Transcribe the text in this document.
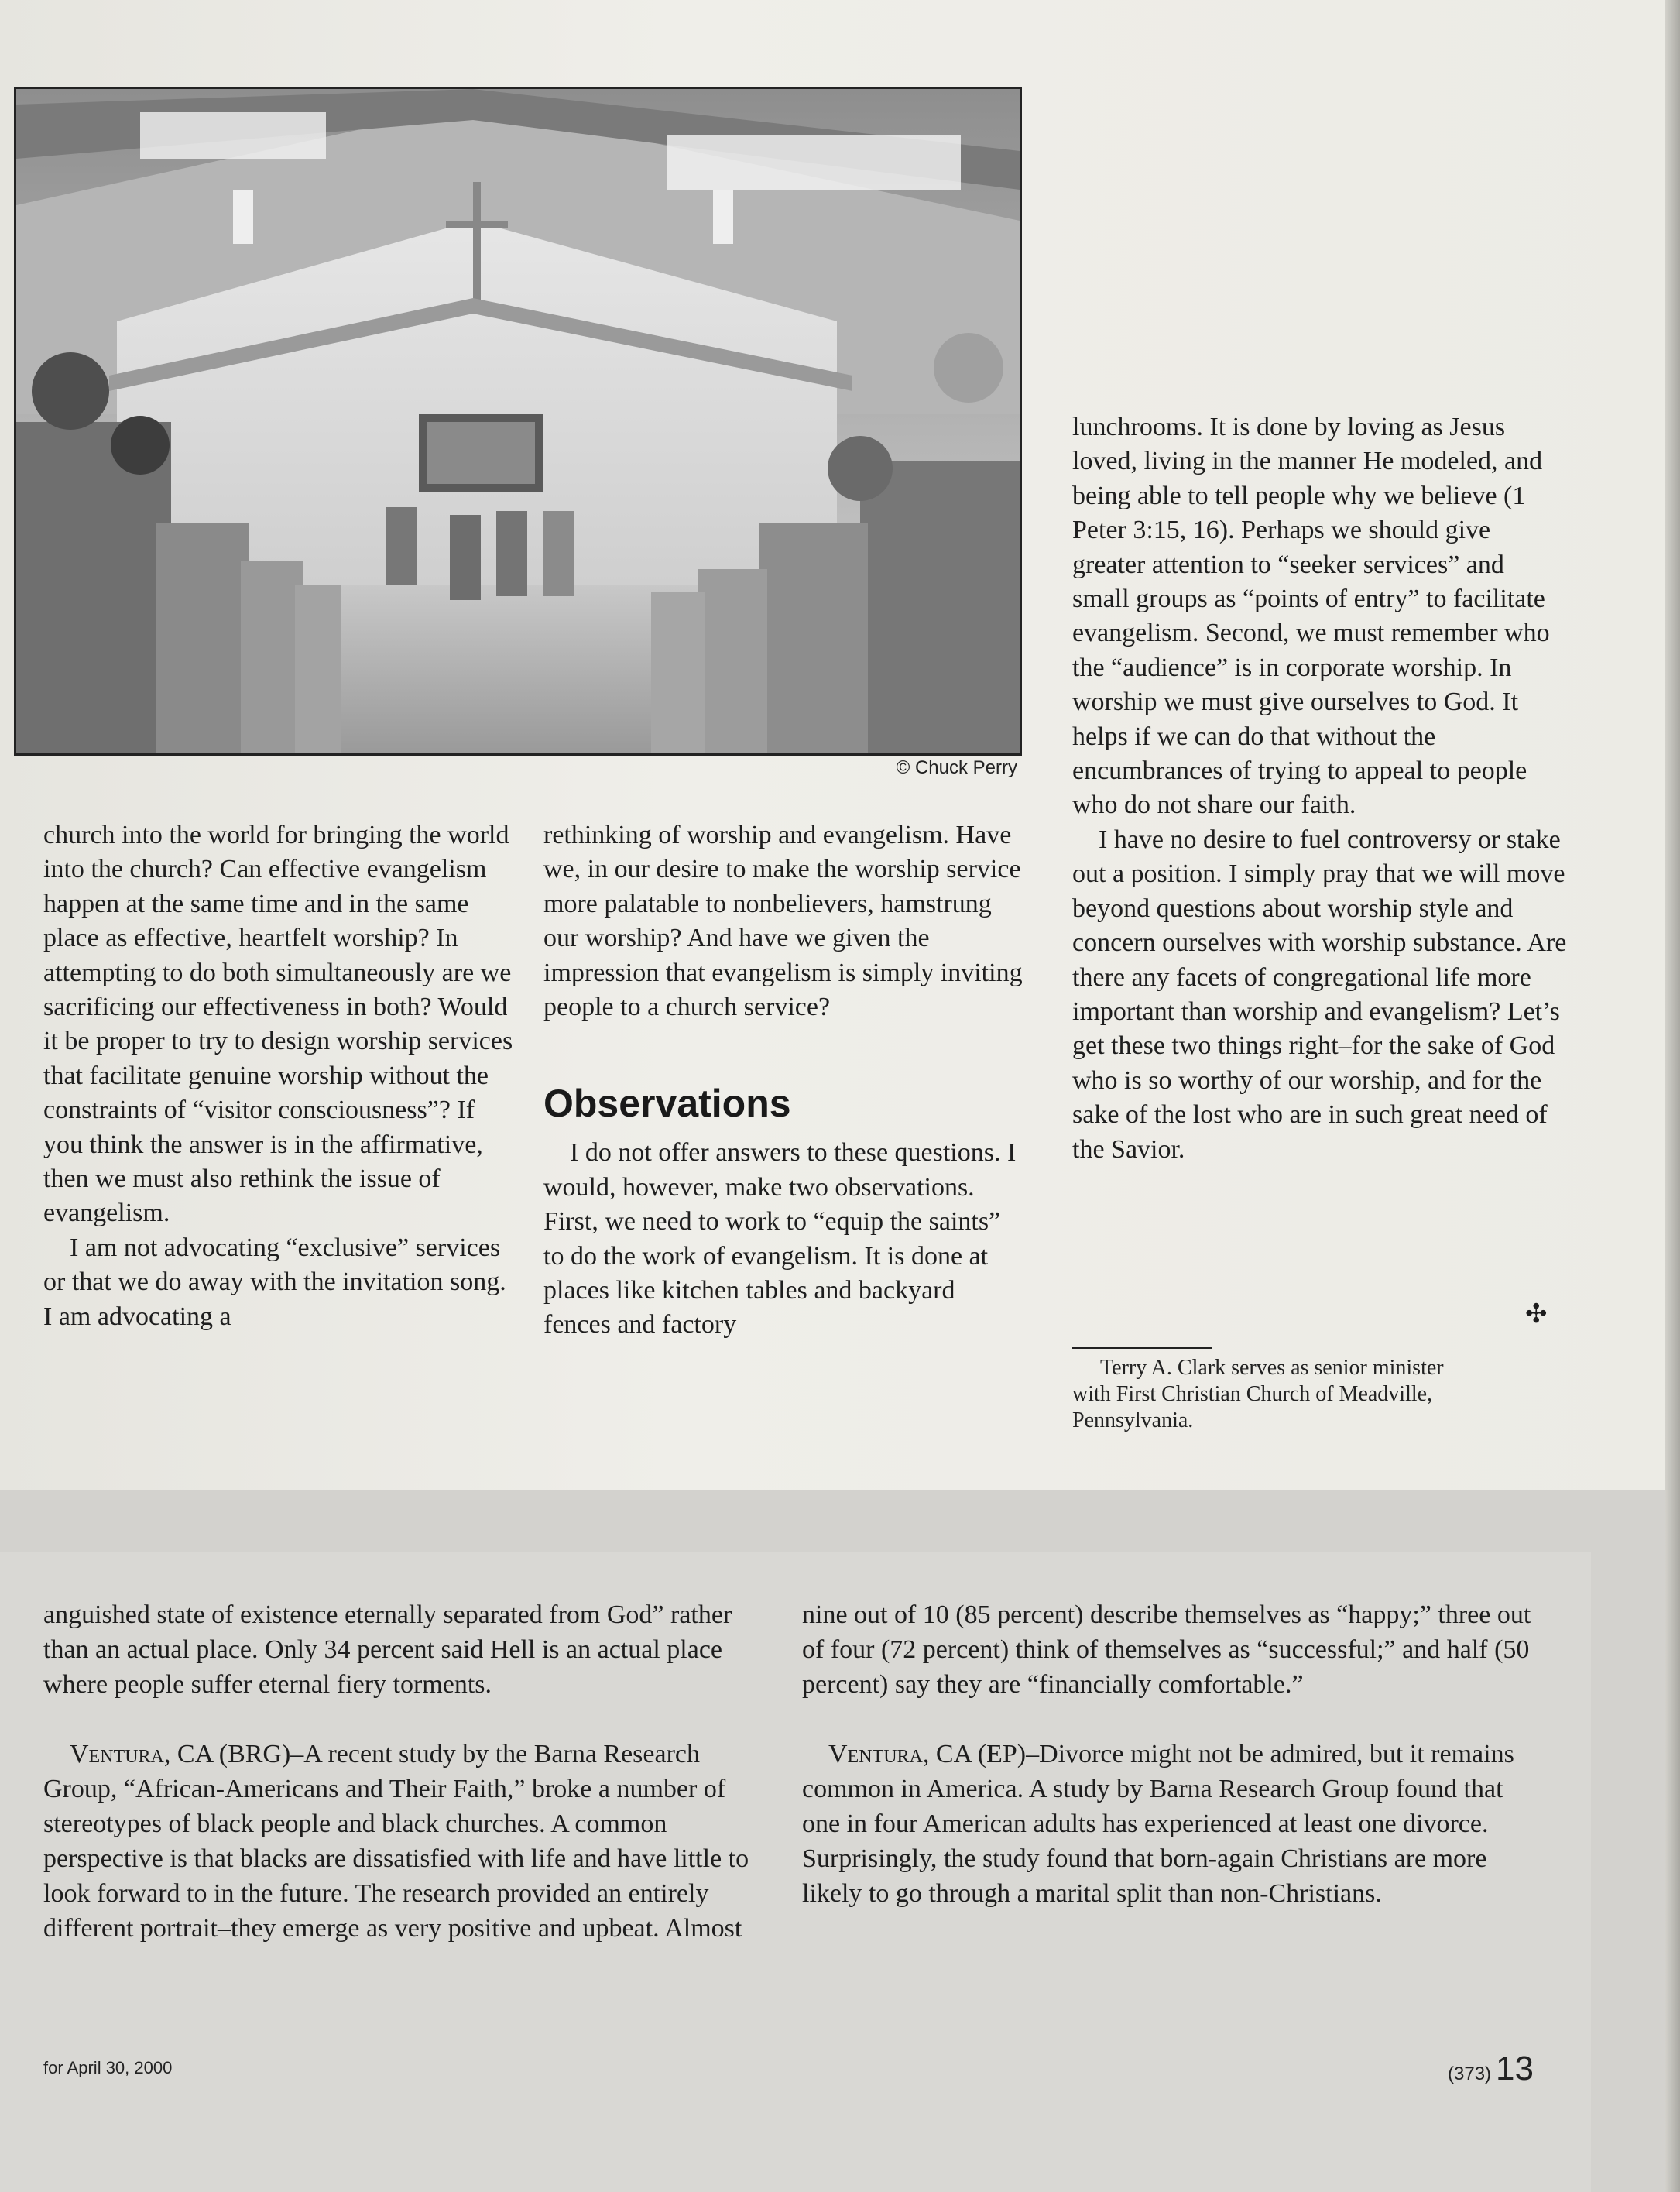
© Chuck Perry

church into the world for bringing the world into the church? Can effective evangelism happen at the same time and in the same place as effective, heartfelt worship? In attempting to do both simultaneously are we sacrificing our effectiveness in both? Would it be proper to try to design worship services that facilitate genuine worship without the constraints of “visitor consciousness”? If you think the answer is in the affirmative, then we must also rethink the issue of evangelism.

I am not advocating “exclusive” services or that we do away with the invitation song. I am advocating a

rethinking of worship and evangelism. Have we, in our desire to make the worship service more palatable to nonbelievers, hamstrung our worship? And have we given the impression that evangelism is simply inviting people to a church service?

Observations

I do not offer answers to these questions. I would, however, make two observations. First, we need to work to “equip the saints” to do the work of evangelism. It is done at places like kitchen tables and backyard fences and factory

lunchrooms. It is done by loving as Jesus loved, living in the manner He modeled, and being able to tell people why we believe (1 Peter 3:15, 16). Perhaps we should give greater attention to “seeker services” and small groups as “points of entry” to facilitate evangelism. Second, we must remember who the “audience” is in corporate worship. In worship we must give ourselves to God. It helps if we can do that without the encumbrances of trying to appeal to people who do not share our faith.

I have no desire to fuel controversy or stake out a position. I simply pray that we will move beyond questions about worship style and concern ourselves with worship substance. Are there any facets of congregational life more important than worship and evangelism? Let’s get these two things right–for the sake of God who is so worthy of our worship, and for the sake of the lost who are in such great need of the Savior.

✣
Terry A. Clark serves as senior minister
with First Christian Church of Meadville,
Pennsylvania.

anguished state of existence eternally separated from God” rather than an actual place. Only 34 percent said Hell is an actual place where people suffer eternal fiery torments.

Ventura, CA (BRG)–A recent study by the Barna Research Group, “African-Americans and Their Faith,” broke a number of stereotypes of black people and black churches. A common perspective is that blacks are dissatisfied with life and have little to look forward to in the future. The research provided an entirely different portrait–they emerge as very positive and upbeat. Almost

nine out of 10 (85 percent) describe themselves as “happy;” three out of four (72 percent) think of themselves as “successful;” and half (50 percent) say they are “financially comfortable.”

Ventura, CA (EP)–Divorce might not be admired, but it remains common in America. A study by Barna Research Group found that one in four American adults has experienced at least one divorce. Surprisingly, the study found that born-again Christians are more likely to go through a marital split than non-Christians.

for April 30, 2000	(373) 13
